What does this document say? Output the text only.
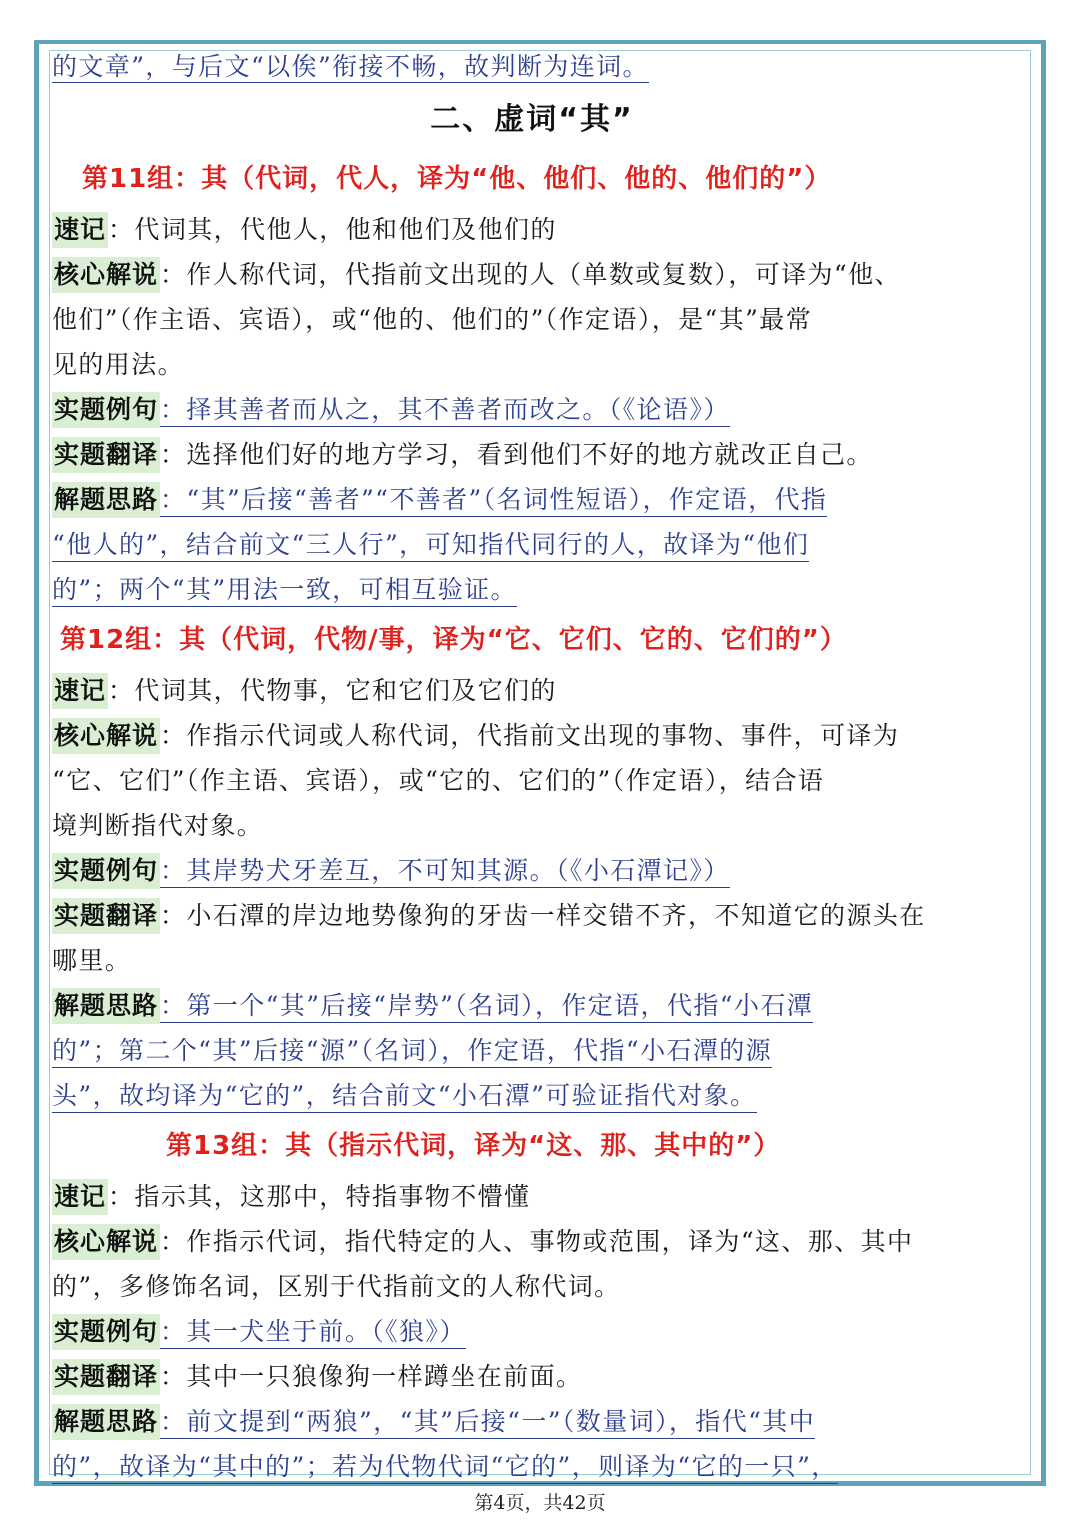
的文章”，与后文“以俟”衔接不畅，故判断为连词。
二、虚词“其”
第11组：其（代词，代人，译为“他、他们、他的、他们的”）
速记：代词其，代他人，他和他们及他们的
核心解说：作人称代词，代指前文出现的人（单数或复数），可译为“他、
他们”（作主语、宾语），或“他的、他们的”（作定语），是“其”最常
见的用法。
实题例句：择其善者而从之，其不善者而改之。（《论语》）
实题翻译：选择他们好的地方学习，看到他们不好的地方就改正自己。
解题思路：“其”后接“善者”“不善者”（名词性短语），作定语，代指
“他人的”，结合前文“三人行”，可知指代同行的人，故译为“他们
的”；两个“其”用法一致，可相互验证。
第12组：其（代词，代物/事，译为“它、它们、它的、它们的”）
速记：代词其，代物事，它和它们及它们的
核心解说：作指示代词或人称代词，代指前文出现的事物、事件，可译为
“它、它们”（作主语、宾语），或“它的、它们的”（作定语），结合语
境判断指代对象。
实题例句：其岸势犬牙差互，不可知其源。（《小石潭记》）
实题翻译：小石潭的岸边地势像狗的牙齿一样交错不齐，不知道它的源头在
哪里。
解题思路：第一个“其”后接“岸势”（名词），作定语，代指“小石潭
的”；第二个“其”后接“源”（名词），作定语，代指“小石潭的源
头”，故均译为“它的”，结合前文“小石潭”可验证指代对象。
第13组：其（指示代词，译为“这、那、其中的”）
速记：指示其，这那中，特指事物不懵懂
核心解说：作指示代词，指代特定的人、事物或范围，译为“这、那、其中
的”，多修饰名词，区别于代指前文的人称代词。
实题例句：其一犬坐于前。（《狼》）
实题翻译：其中一只狼像狗一样蹲坐在前面。
解题思路：前文提到“两狼”，“其”后接“一”（数量词），指代“其中
的”，故译为“其中的”；若为代物代词“它的”，则译为“它的一只”，
第4页，共42页
